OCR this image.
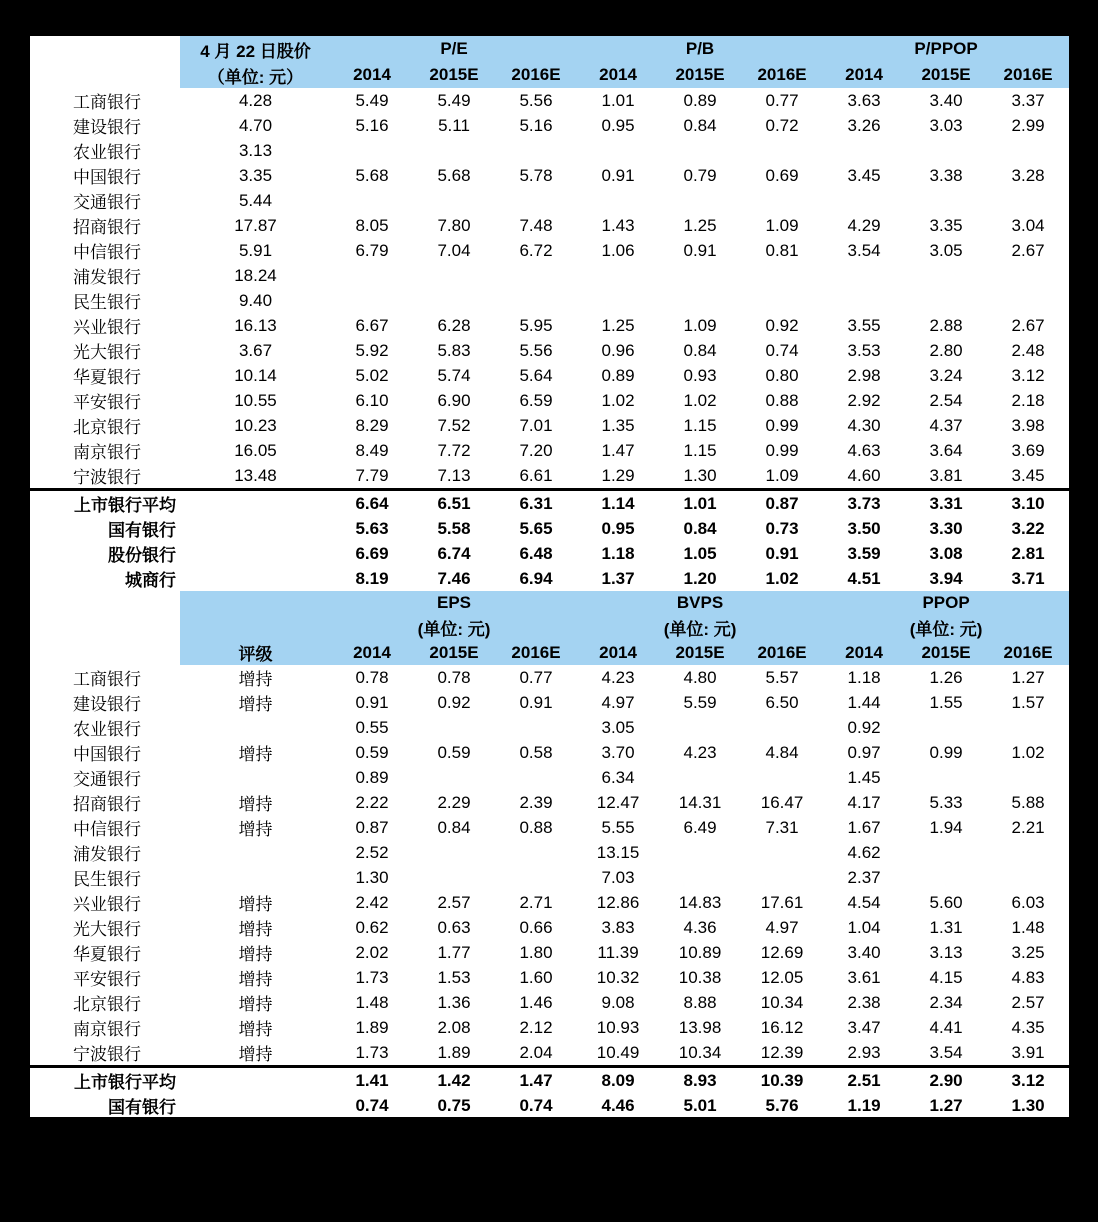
	4 月 22 日股价	P/E			P/B			P/PPOP		
	（单位: 元）	2014	2015E	2016E	2014	2015E	2016E	2014	2015E	2016E
工商银行	4.28	5.49	5.49	5.56	1.01	0.89	0.77	3.63	3.40	3.37
建设银行	4.70	5.16	5.11	5.16	0.95	0.84	0.72	3.26	3.03	2.99
农业银行	3.13									
中国银行	3.35	5.68	5.68	5.78	0.91	0.79	0.69	3.45	3.38	3.28
交通银行	5.44									
招商银行	17.87	8.05	7.80	7.48	1.43	1.25	1.09	4.29	3.35	3.04
中信银行	5.91	6.79	7.04	6.72	1.06	0.91	0.81	3.54	3.05	2.67
浦发银行	18.24									
民生银行	9.40									
兴业银行	16.13	6.67	6.28	5.95	1.25	1.09	0.92	3.55	2.88	2.67
光大银行	3.67	5.92	5.83	5.56	0.96	0.84	0.74	3.53	2.80	2.48
华夏银行	10.14	5.02	5.74	5.64	0.89	0.93	0.80	2.98	3.24	3.12
平安银行	10.55	6.10	6.90	6.59	1.02	1.02	0.88	2.92	2.54	2.18
北京银行	10.23	8.29	7.52	7.01	1.35	1.15	0.99	4.30	4.37	3.98
南京银行	16.05	8.49	7.72	7.20	1.47	1.15	0.99	4.63	3.64	3.69
宁波银行	13.48	7.79	7.13	6.61	1.29	1.30	1.09	4.60	3.81	3.45
上市银行平均		6.64	6.51	6.31	1.14	1.01	0.87	3.73	3.31	3.10
国有银行		5.63	5.58	5.65	0.95	0.84	0.73	3.50	3.30	3.22
股份银行		6.69	6.74	6.48	1.18	1.05	0.91	3.59	3.08	2.81
城商行		8.19	7.46	6.94	1.37	1.20	1.02	4.51	3.94	3.71
		EPS			BVPS			PPOP		
		(单位: 元)			(单位: 元)			(单位: 元)		
	评级	2014	2015E	2016E	2014	2015E	2016E	2014	2015E	2016E
工商银行	增持	0.78	0.78	0.77	4.23	4.80	5.57	1.18	1.26	1.27
建设银行	增持	0.91	0.92	0.91	4.97	5.59	6.50	1.44	1.55	1.57
农业银行		0.55			3.05			0.92		
中国银行	增持	0.59	0.59	0.58	3.70	4.23	4.84	0.97	0.99	1.02
交通银行		0.89			6.34			1.45		
招商银行	增持	2.22	2.29	2.39	12.47	14.31	16.47	4.17	5.33	5.88
中信银行	增持	0.87	0.84	0.88	5.55	6.49	7.31	1.67	1.94	2.21
浦发银行		2.52			13.15			4.62		
民生银行		1.30			7.03			2.37		
兴业银行	增持	2.42	2.57	2.71	12.86	14.83	17.61	4.54	5.60	6.03
光大银行	增持	0.62	0.63	0.66	3.83	4.36	4.97	1.04	1.31	1.48
华夏银行	增持	2.02	1.77	1.80	11.39	10.89	12.69	3.40	3.13	3.25
平安银行	增持	1.73	1.53	1.60	10.32	10.38	12.05	3.61	4.15	4.83
北京银行	增持	1.48	1.36	1.46	9.08	8.88	10.34	2.38	2.34	2.57
南京银行	增持	1.89	2.08	2.12	10.93	13.98	16.12	3.47	4.41	4.35
宁波银行	增持	1.73	1.89	2.04	10.49	10.34	12.39	2.93	3.54	3.91
上市银行平均		1.41	1.42	1.47	8.09	8.93	10.39	2.51	2.90	3.12
国有银行		0.74	0.75	0.74	4.46	5.01	5.76	1.19	1.27	1.30
股份银行		1.71	1.70	1.76	9.58	10.57	12.32	3.18	3.72	4.08
城商行		1.70	1.78	1.91	10.17	11.07	12.98	2.93	3.43	3.61
资料来源: 公司年报、中报和季报（2014-2015 年），海通证券研究所
备注: 表内未给评级的公司盈利预测来自 WIND 一致预期。
